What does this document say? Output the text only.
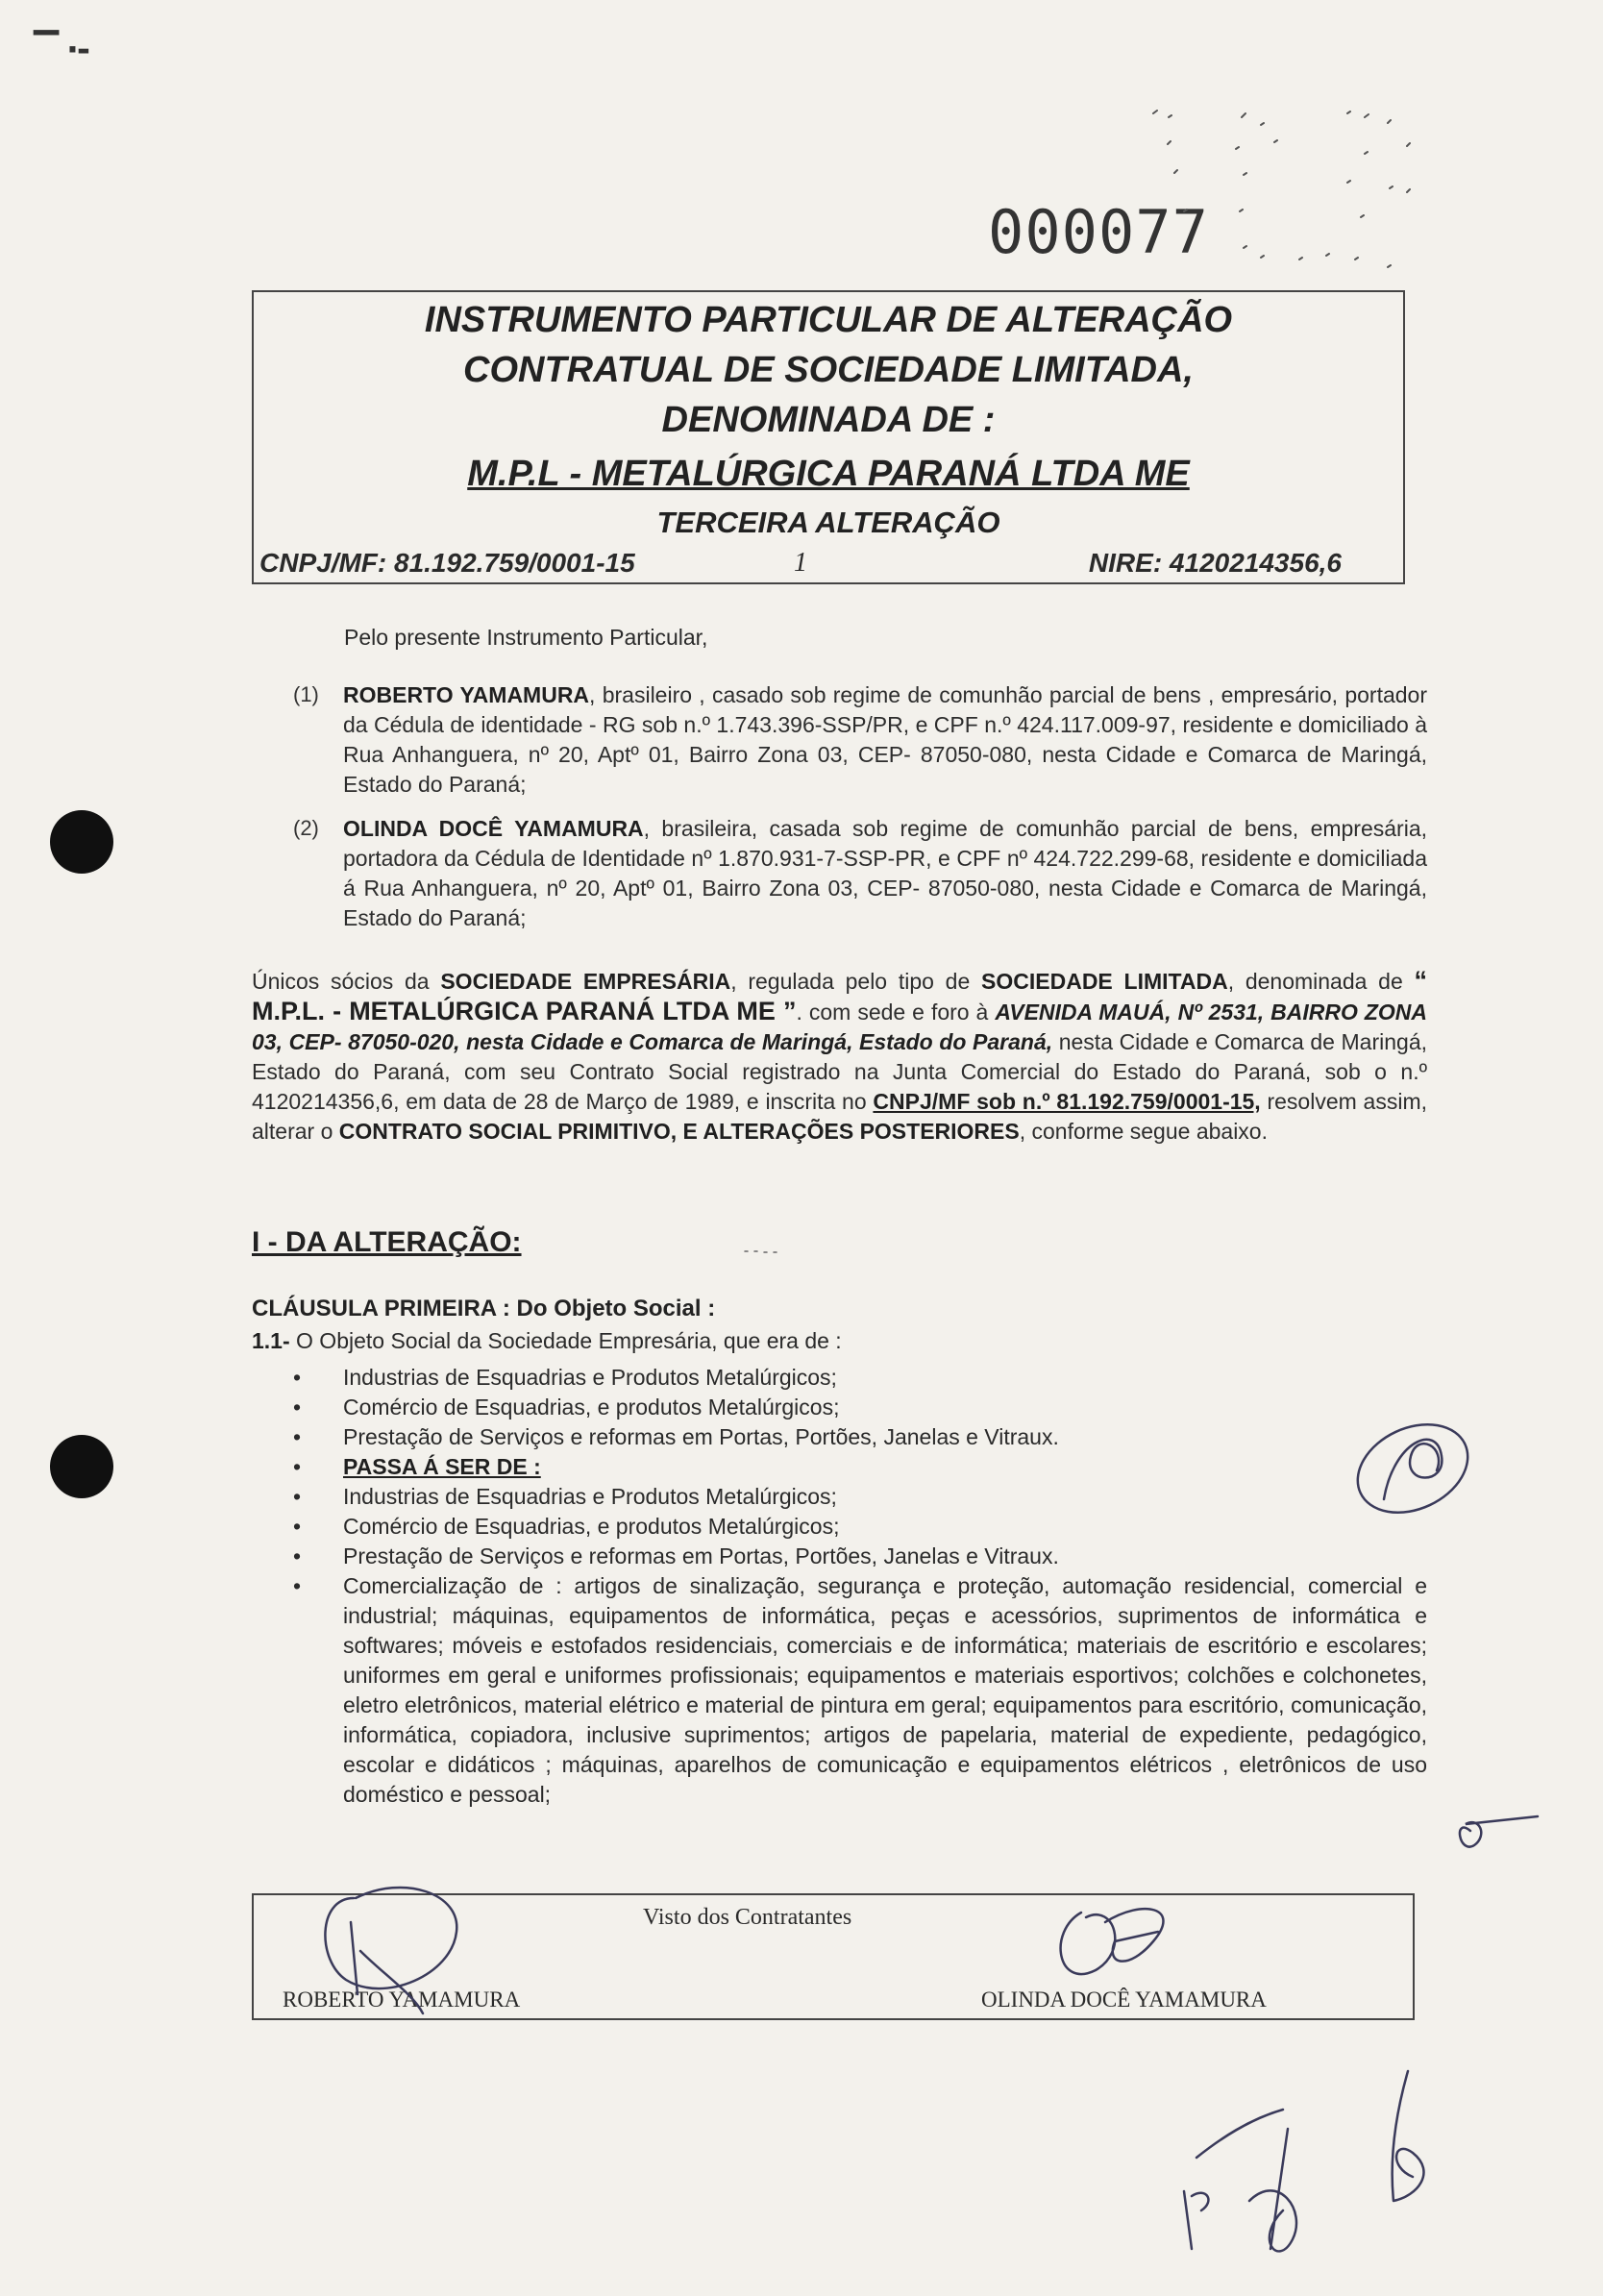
▔ ·-
000077
INSTRUMENTO PARTICULAR DE ALTERAÇÃO
CONTRATUAL DE SOCIEDADE LIMITADA,
DENOMINADA DE :
M.P.L - METALÚRGICA PARANÁ LTDA ME
TERCEIRA ALTERAÇÃO
CNPJ/MF: 81.192.759/0001-15	1	NIRE: 4120214356,6
Pelo presente Instrumento Particular,
(1)	ROBERTO YAMAMURA, brasileiro , casado sob regime de comunhão parcial de bens , empresário, portador da Cédula de identidade - RG sob n.º 1.743.396-SSP/PR, e CPF n.º 424.117.009-97, residente e domiciliado à Rua Anhanguera, nº 20, Aptº 01, Bairro Zona 03, CEP- 87050-080, nesta Cidade e Comarca de Maringá, Estado do Paraná;
(2)	OLINDA DOCÊ YAMAMURA, brasileira, casada sob regime de comunhão parcial de bens, empresária, portadora da Cédula de Identidade nº 1.870.931-7-SSP-PR, e CPF nº 424.722.299-68, residente e domiciliada á Rua Anhanguera, nº 20, Aptº 01, Bairro Zona 03, CEP- 87050-080, nesta Cidade e Comarca de Maringá, Estado do Paraná;
Únicos sócios da SOCIEDADE EMPRESÁRIA, regulada pelo tipo de SOCIEDADE LIMITADA, denominada de “ M.P.L. - METALÚRGICA PARANÁ LTDA ME ”. com sede e foro à AVENIDA MAUÁ, Nº 2531, BAIRRO ZONA 03, CEP- 87050-020, nesta Cidade e Comarca de Maringá, Estado do Paraná, nesta Cidade e Comarca de Maringá, Estado do Paraná, com seu Contrato Social registrado na Junta Comercial do Estado do Paraná, sob o n.º 4120214356,6, em data de 28 de Março de 1989, e inscrita no CNPJ/MF sob n.º 81.192.759/0001-15, resolvem assim, alterar o CONTRATO SOCIAL PRIMITIVO, E ALTERAÇÕES POSTERIORES, conforme segue abaixo.
I - DA ALTERAÇÃO:
CLÁUSULA PRIMEIRA : Do Objeto Social :
1.1- O Objeto Social da Sociedade Empresária, que era de :
•	Industrias de Esquadrias e Produtos Metalúrgicos;
•	Comércio de Esquadrias, e produtos Metalúrgicos;
•	Prestação de Serviços e reformas em Portas, Portões, Janelas e Vitraux.
•	PASSA Á SER DE :
•	Industrias de Esquadrias e Produtos Metalúrgicos;
•	Comércio de Esquadrias, e produtos Metalúrgicos;
•	Prestação de Serviços e reformas em Portas, Portões, Janelas e Vitraux.
•	Comercialização de : artigos de sinalização, segurança e proteção, automação residencial, comercial e industrial; máquinas, equipamentos de informática, peças e acessórios, suprimentos de informática e softwares; móveis e estofados residenciais, comerciais e de informática; materiais de escritório e escolares; uniformes em geral e uniformes profissionais; equipamentos e materiais esportivos; colchões e colchonetes, eletro eletrônicos, material elétrico e material de pintura em geral; equipamentos para escritório, comunicação, informática, copiadora, inclusive suprimentos; artigos de papelaria, material de expediente, pedagógico, escolar e didáticos ; máquinas, aparelhos de comunicação e equipamentos elétricos , eletrônicos de uso doméstico e pessoal;
Visto dos Contratantes
ROBERTO YAMAMURA	OLINDA DOCÊ YAMAMURA
